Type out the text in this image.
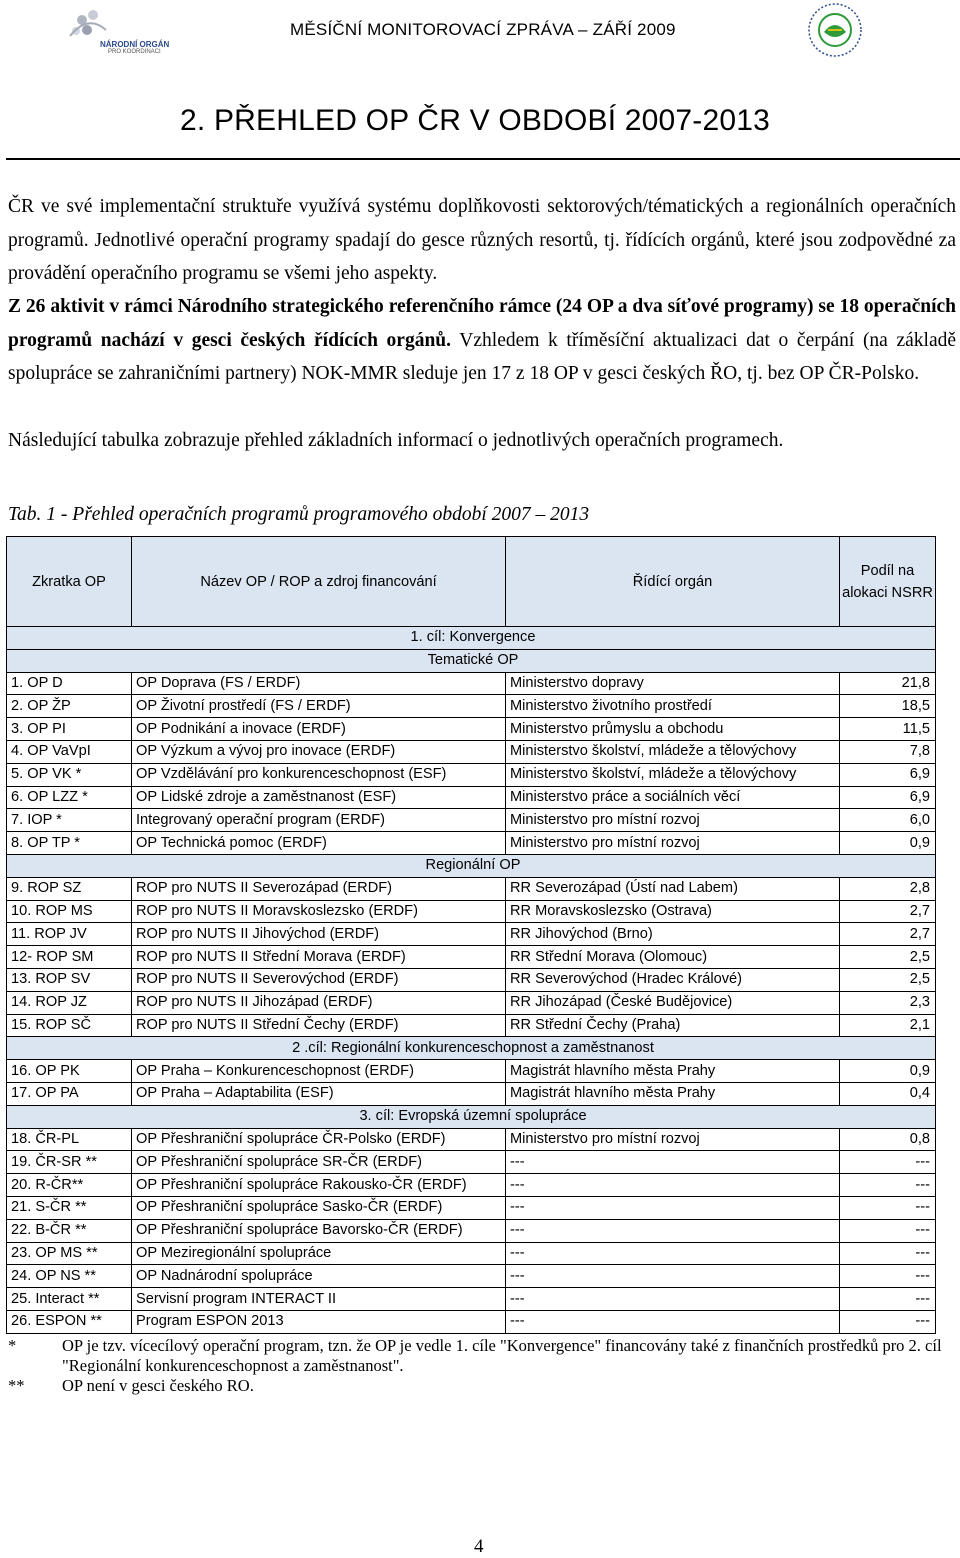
NÁRODNÍ ORGÁN
PRO KOORDINACI
MĚSÍČNÍ MONITOROVACÍ ZPRÁVA – ZÁŘÍ 2009
2. PŘEHLED OP ČR V OBDOBÍ 2007-2013
ČR ve své implementační struktuře využívá systému doplňkovosti sektorových/tématických a regionálních operačních programů. Jednotlivé operační programy spadají do gesce různých resortů, tj. řídících orgánů, které jsou zodpovědné za provádění operačního programu se všemi jeho aspekty.
Z 26 aktivit v rámci Národního strategického referenčního rámce (24 OP a dva síťové programy) se 18 operačních programů nachází v gesci českých řídících orgánů. Vzhledem k tříměsíční aktualizaci dat o čerpání (na základě spolupráce se zahraničními partnery) NOK-MMR sleduje jen 17 z 18 OP v gesci českých ŘO, tj. bez OP ČR-Polsko.
Následující tabulka zobrazuje přehled základních informací o jednotlivých operačních programech.
Tab. 1 - Přehled operačních programů programového období 2007 – 2013
Zkratka OP	Název OP / ROP a zdroj financování	Řídící orgán	Podíl na alokaci NSRR
1. cíl: Konvergence			
Tematické OP			
1. OP D	OP Doprava (FS / ERDF)	Ministerstvo dopravy	21,8
2. OP ŽP	OP Životní prostředí (FS / ERDF)	Ministerstvo životního prostředí	18,5
3. OP PI	OP Podnikání a inovace (ERDF)	Ministerstvo průmyslu a obchodu	11,5
4. OP VaVpI	OP Výzkum a vývoj pro inovace (ERDF)	Ministerstvo školství, mládeže a tělovýchovy	7,8
5. OP VK *	OP Vzdělávání pro konkurenceschopnost (ESF)	Ministerstvo školství, mládeže a tělovýchovy	6,9
6. OP LZZ *	OP Lidské zdroje a zaměstnanost (ESF)	Ministerstvo práce a sociálních věcí	6,9
7. IOP *	Integrovaný operační program (ERDF)	Ministerstvo pro místní rozvoj	6,0
8. OP TP *	OP Technická pomoc (ERDF)	Ministerstvo pro místní rozvoj	0,9
Regionální OP			
9. ROP SZ	ROP pro NUTS II Severozápad (ERDF)	RR Severozápad (Ústí nad Labem)	2,8
10. ROP MS	ROP pro NUTS II Moravskoslezsko (ERDF)	RR Moravskoslezsko (Ostrava)	2,7
11. ROP JV	ROP pro NUTS II Jihovýchod (ERDF)	RR Jihovýchod (Brno)	2,7
12- ROP SM	ROP pro NUTS II Střední Morava (ERDF)	RR Střední Morava (Olomouc)	2,5
13. ROP SV	ROP pro NUTS II Severovýchod (ERDF)	RR Severovýchod (Hradec Králové)	2,5
14. ROP JZ	ROP pro NUTS II Jihozápad (ERDF)	RR Jihozápad (České Budějovice)	2,3
15. ROP SČ	ROP pro NUTS II Střední Čechy (ERDF)	RR Střední Čechy (Praha)	2,1
2 .cíl: Regionální konkurenceschopnost a zaměstnanost			
16. OP PK	OP Praha – Konkurenceschopnost (ERDF)	Magistrát hlavního města Prahy	0,9
17. OP PA	OP Praha – Adaptabilita (ESF)	Magistrát hlavního města Prahy	0,4
3. cíl: Evropská územní spolupráce			
18. ČR-PL	OP Přeshraniční spolupráce ČR-Polsko (ERDF)	Ministerstvo pro místní rozvoj	0,8
19. ČR-SR **	OP Přeshraniční spolupráce SR-ČR (ERDF)	---	---
20. R-ČR**	OP Přeshraniční spolupráce Rakousko-ČR (ERDF)	---	---
21. S-ČR **	OP Přeshraniční spolupráce Sasko-ČR (ERDF)	---	---
22. B-ČR **	OP Přeshraniční spolupráce Bavorsko-ČR (ERDF)	---	---
23. OP MS **	OP Meziregionální spolupráce	---	---
24. OP NS **	OP Nadnárodní spolupráce	---	---
25. Interact **	Servisní program INTERACT II	---	---
26. ESPON **	Program ESPON 2013	---	---
*	OP je tzv. vícecílový operační program, tzn. že OP je vedle 1. cíle "Konvergence" financovány také z finančních prostředků pro 2. cíl "Regionální konkurenceschopnost a zaměstnanost".
** OP není v gesci českého RO.
4
